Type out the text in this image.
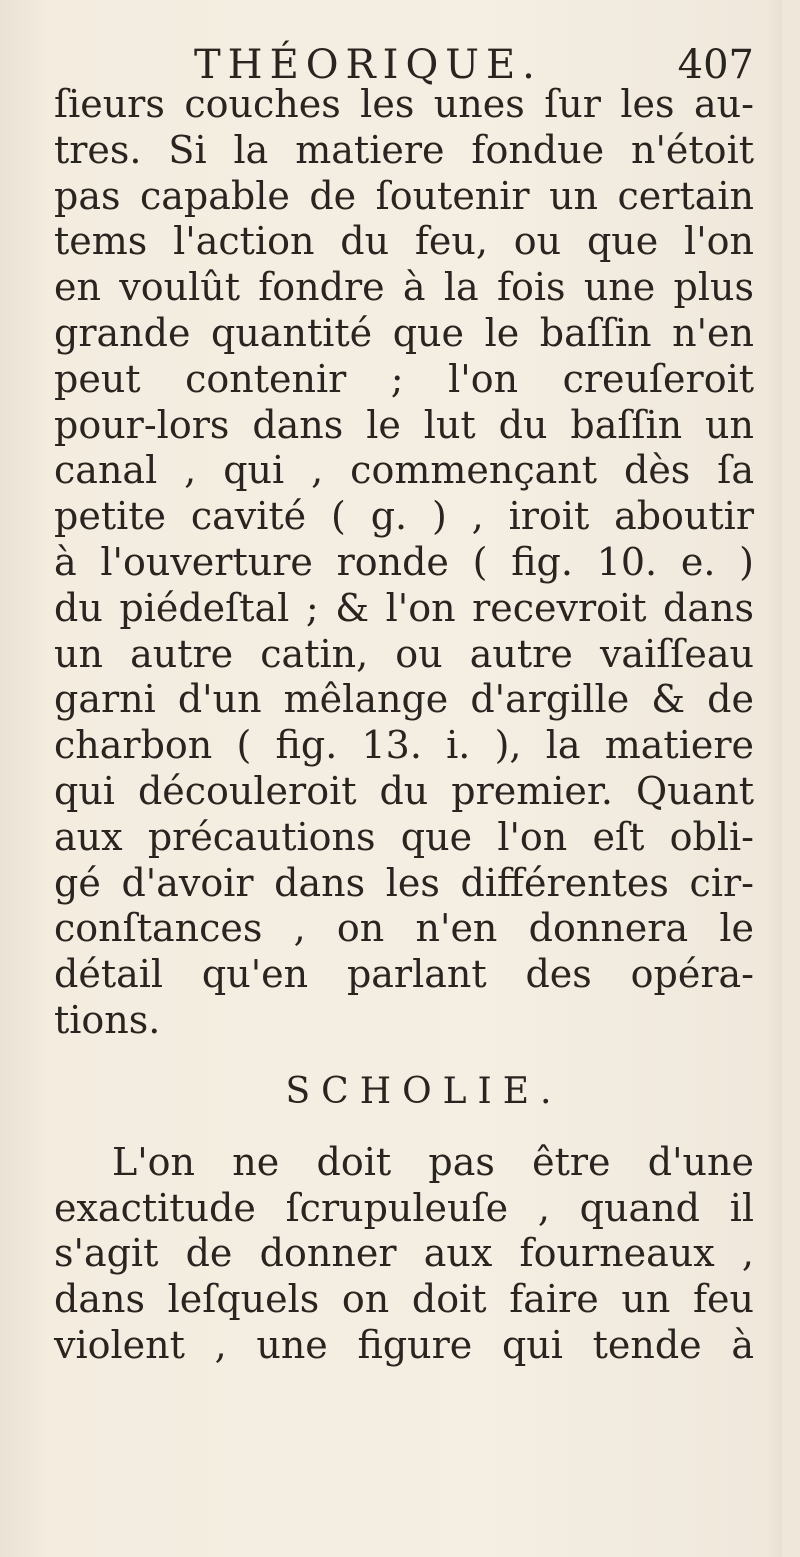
THÉORIQUE.	407
ſieurs couches les unes ſur les au-
tres. Si la matiere fondue n'étoit
pas capable de ſoutenir un certain
tems l'action du feu, ou que l'on
en voulût fondre à la fois une plus
grande quantité que le baſſin n'en
peut contenir ; l'on creuſeroit
pour-lors dans le lut du baſſin un
canal , qui , commençant dès ſa
petite cavité ( g. ) , iroit aboutir
à l'ouverture ronde ( fig. 10. e. )
du piédeſtal ; & l'on recevroit dans
un autre catin, ou autre vaiſſeau
garni d'un mêlange d'argille & de
charbon ( fig. 13. i. ), la matiere
qui découleroit du premier. Quant
aux précautions que l'on eſt obli-
gé d'avoir dans les différentes cir-
conſtances , on n'en donnera le
détail qu'en parlant des opéra-
tions.
SCHOLIE.
L'on ne doit pas être d'une
exactitude ſcrupuleuſe , quand il
s'agit de donner aux fourneaux ,
dans leſquels on doit faire un feu
violent , une figure qui tende à
